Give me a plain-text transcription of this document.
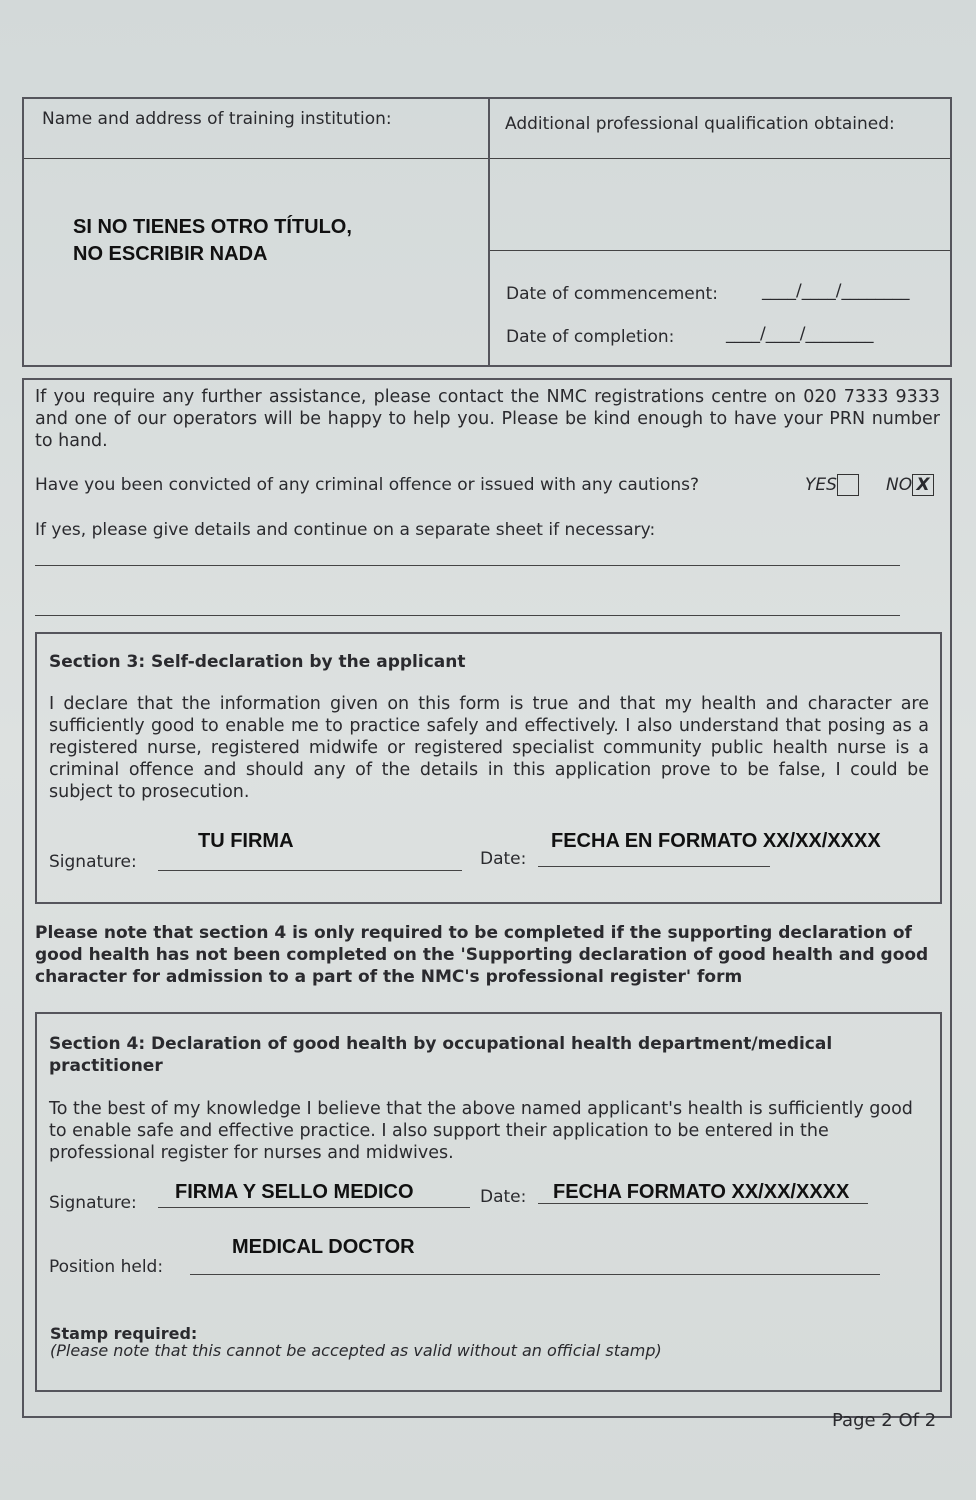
Name and address of training institution:	Additional professional qualification obtained:
SI NO TIENES OTRO TÍTULO,
NO ESCRIBIR NADA
Date of commencement:	____/____/________
Date of completion:	____/____/________
If you require any further assistance, please contact the NMC registrations centre on 020 7333 9333 and one of our operators will be happy to help you. Please be kind enough to have your PRN number to hand.
Have you been convicted of any criminal offence or issued with any cautions?	YES	NO X
If yes, please give details and continue on a separate sheet if necessary:
Section 3: Self-declaration by the applicant
I declare that the information given on this form is true and that my health and character are sufficiently good to enable me to practice safely and effectively. I also understand that posing as a registered nurse, registered midwife or registered specialist community public health nurse is a criminal offence and should any of the details in this application prove to be false, I could be subject to prosecution.
TU FIRMA	FECHA EN FORMATO XX/XX/XXXX
Signature:	Date:
Please note that section 4 is only required to be completed if the supporting declaration of good health has not been completed on the 'Supporting declaration of good health and good character for admission to a part of the NMC's professional register' form
Section 4: Declaration of good health by occupational health department/medical practitioner
To the best of my knowledge I believe that the above named applicant's health is sufficiently good to enable safe and effective practice. I also support their application to be entered in the professional register for nurses and midwives.
FIRMA Y SELLO MEDICO	FECHA FORMATO XX/XX/XXXX
Signature:	Date:
MEDICAL DOCTOR
Position held:
Stamp required:
(Please note that this cannot be accepted as valid without an official stamp)
Page 2 Of 2
